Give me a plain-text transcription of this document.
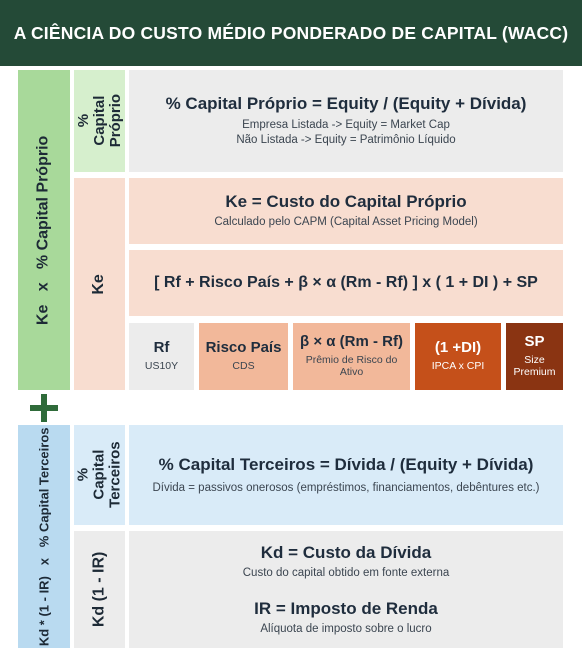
A CIÊNCIA DO CUSTO MÉDIO PONDERADO DE CAPITAL (WACC)
Ke   x   % Capital Próprio
% Capital Próprio % Capital Próprio = Equity / (Equity + Dívida)
Empresa Listada -> Equity = Market Cap
Não Listada -> Equity = Patrimônio Líquido
Ke
Ke = Custo do Capital Próprio
Calculado pelo CAPM (Capital Asset Pricing Model)
[ Rf + Risco País + β × α (Rm - Rf) ] x ( 1 + DI ) + SP
Rf
US10Y
Risco País
CDS
β × α (Rm - Rf)
Prêmio de Risco do Ativo
(1 +DI)
IPCA x CPI
SP
Size Premium
Kd * (1 - IR)   x   % Capital Terceiros % Capital Terceiros % Capital Terceiros = Dívida / (Equity + Dívida)
Dívida = passivos onerosos (empréstimos, financiamentos, debêntures etc.)
Kd (1 - IR)	Kd = Custo da Dívida
Custo do capital obtido em fonte externa
IR = Imposto de Renda
Alíquota de imposto sobre o lucro
